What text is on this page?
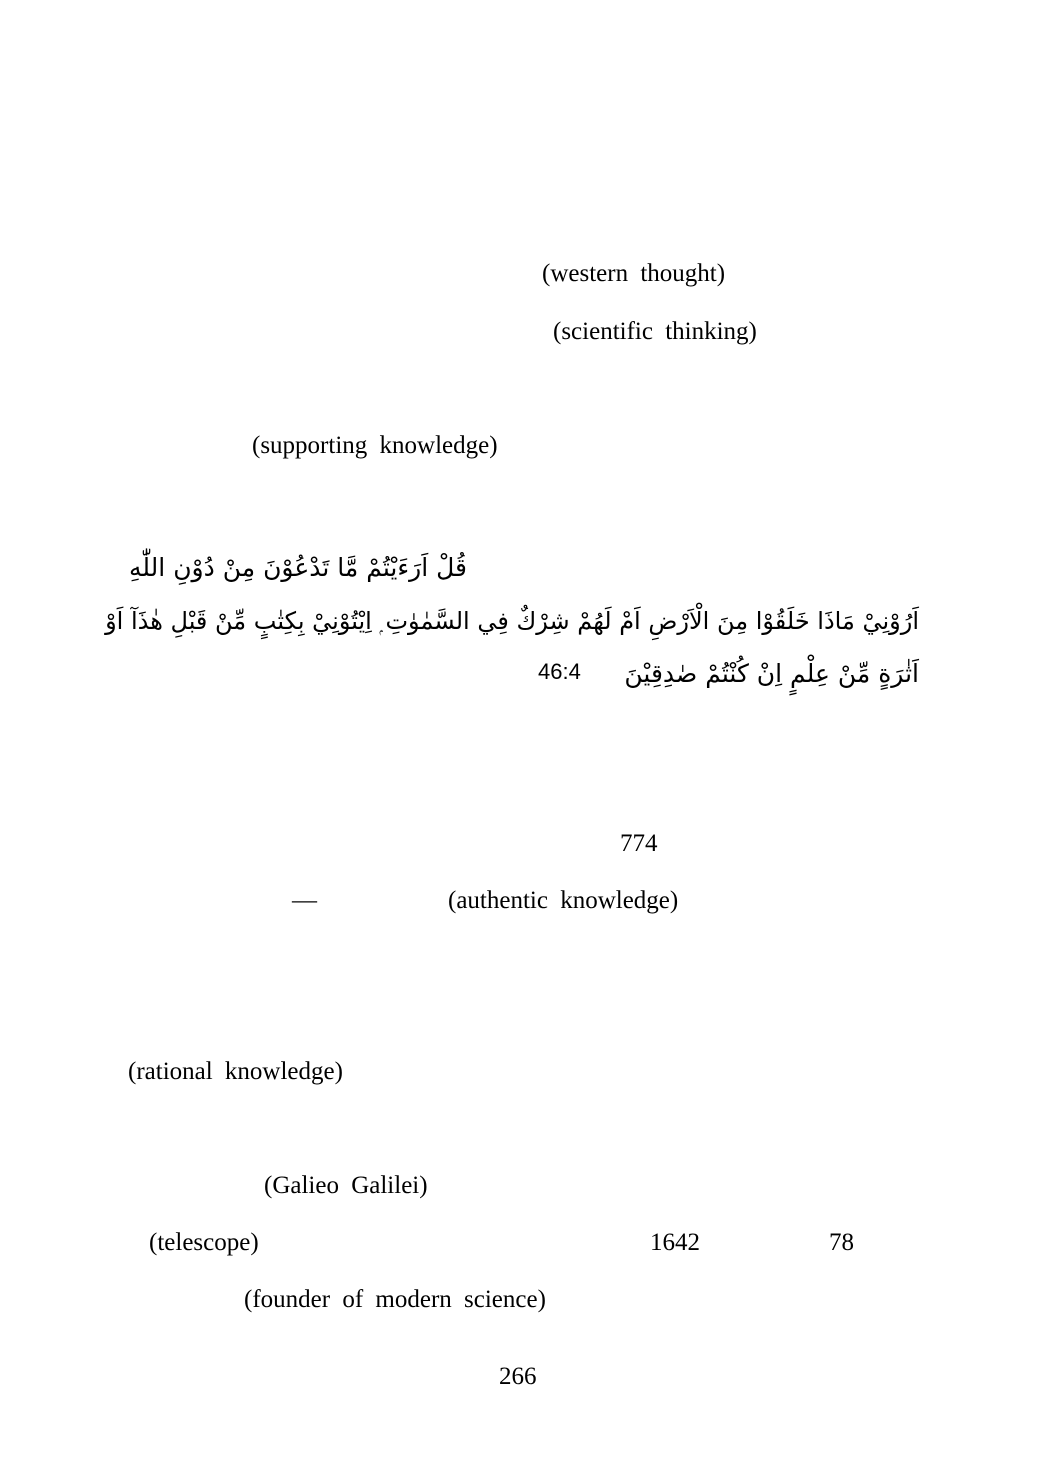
(western thought)
(scientific thinking)
(supporting knowledge)
قُلْ اَرَءَيْتُمْ مَّا تَدْعُوْنَ مِنْ دُوْنِ اللّٰهِ
اَرُوْنِيْ مَاذَا خَلَقُوْا مِنَ الْاَرْضِ اَمْ لَهُمْ شِرْكٌ فِي السَّمٰوٰتِ ۭ اِيْتُوْنِيْ بِكِتٰبٍ مِّنْ قَبْلِ هٰذَآ اَوْ
اَثٰرَةٍ مِّنْ عِلْمٍ اِنْ كُنْتُمْ صٰدِقِيْنَ
46:4
774
—	(authentic knowledge)
(rational knowledge)
(Galieo Galilei)
(telescope)	1642	78
(founder of modern science)
266
